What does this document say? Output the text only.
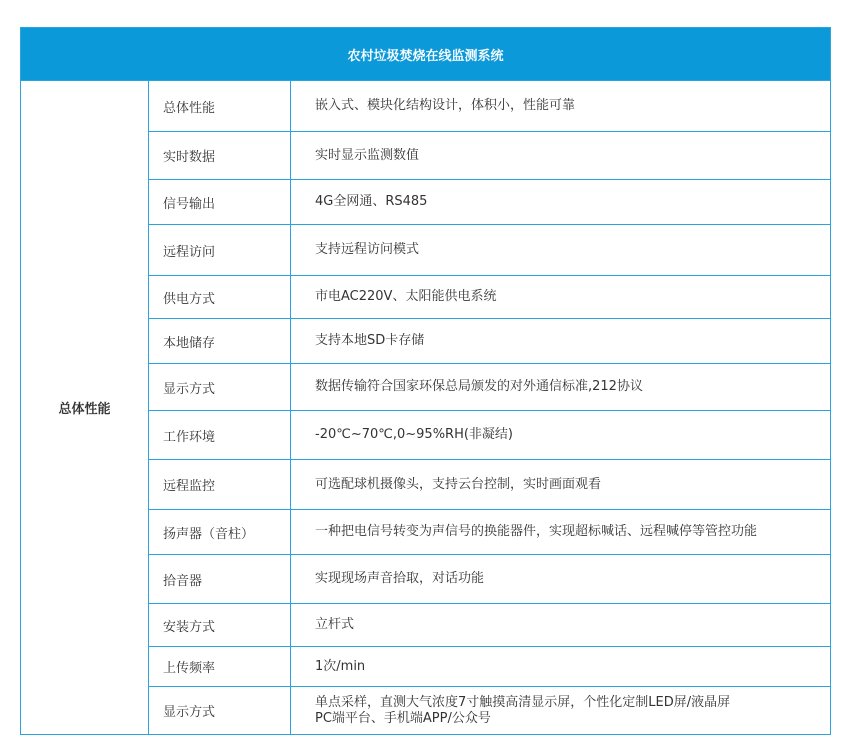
农村垃圾焚烧在线监测系统		
总体性能	总体性能	嵌入式、模块化结构设计，体积小，性能可靠
	实时数据	实时显示监测数值
	信号输出	4G全网通、RS485
	远程访问	支持远程访问模式
	供电方式	市电AC220V、太阳能供电系统
	本地储存	支持本地SD卡存储
	显示方式	数据传输符合国家环保总局颁发的对外通信标准,212协议
	工作环境	-20℃~70℃,0~95%RH(非凝结)
	远程监控	可选配球机摄像头，支持云台控制，实时画面观看
	扬声器（音柱）	一种把电信号转变为声信号的换能器件，实现超标喊话、远程喊停等管控功能
	拾音器	实现现场声音拾取，对话功能
	安装方式	立杆式
	上传频率	1次/min
	显示方式	单点采样，直测大气浓度7寸触摸高清显示屏，个性化定制LED屏/液晶屏
PC端平台、手机端APP/公众号
